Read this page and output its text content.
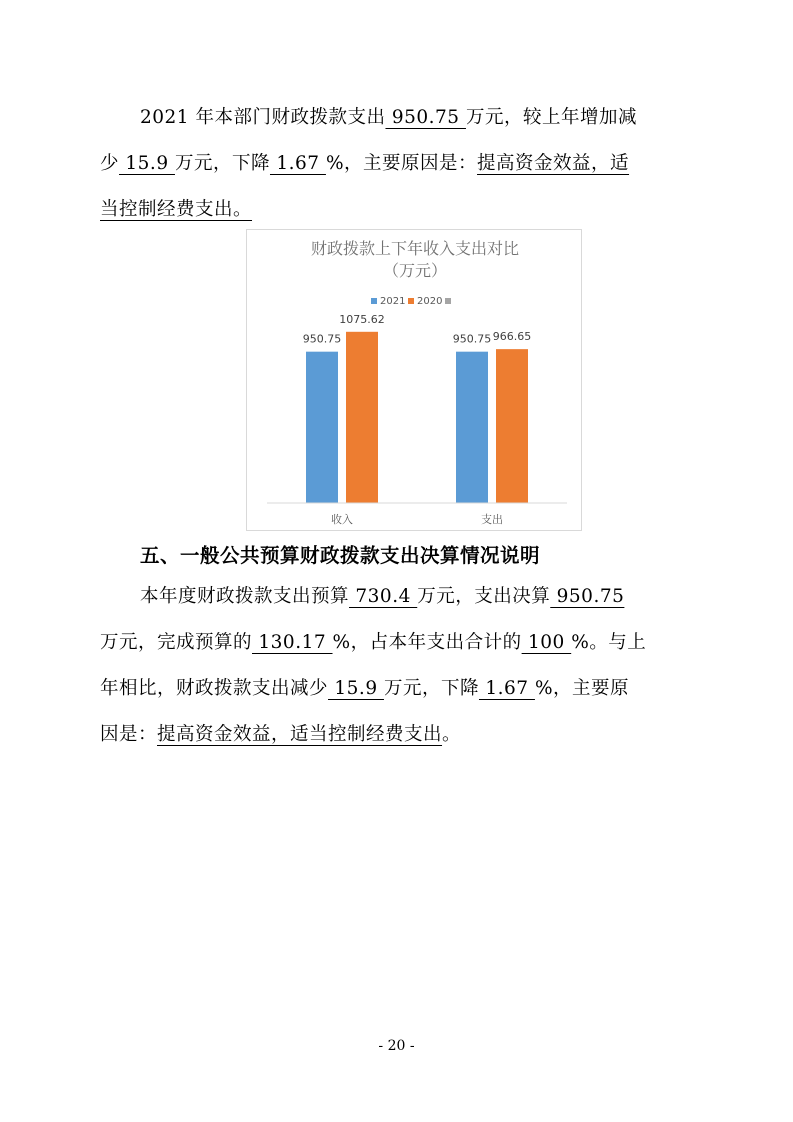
2021 年本部门财政拨款支出 950.75 万元，较上年增加减
少 15.9 万元，下降 1.67 %，主要原因是：提高资金效益，适
当控制经费支出。
财政拨款上下年收入支出对比
（万元）
2021 2020
950.75
1075.62
950.75 966.65
收入	支出
五、一般公共预算财政拨款支出决算情况说明
本年度财政拨款支出预算 730.4 万元，支出决算 950.75
万元，完成预算的 130.17 %，占本年支出合计的 100 %。与上
年相比，财政拨款支出减少 15.9 万元，下降 1.67 %，主要原
因是：提高资金效益，适当控制经费支出。
- 20 -
